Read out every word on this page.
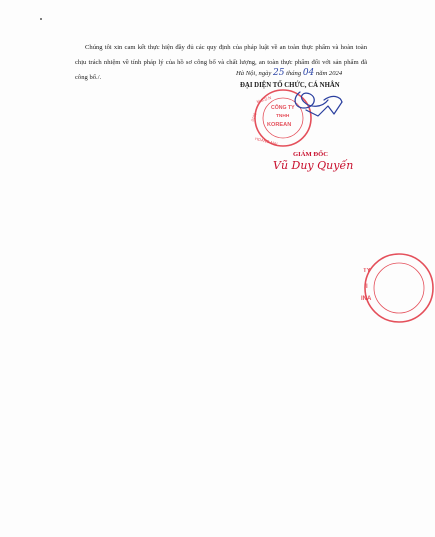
Chúng tôi xin cam kết thực hiện đầy đủ các quy định của pháp luật về an toàn thực phẩm và hoàn toàn chịu trách nhiệm về tính pháp lý của hồ sơ công bố và chất lượng, an toàn thực phẩm đối với sản phẩm đã công bố./.
Hà Nội, ngày 25 tháng 04 năm 2024
ĐẠI DIỆN TỔ CHỨC, CÁ NHÂN
M.S.D.N
0109
HOÀNG MAI
CÔNG TY
TNHH
KOREAN
GIÁM ĐỐC
Vũ Duy Quyến
TY
I
INA
